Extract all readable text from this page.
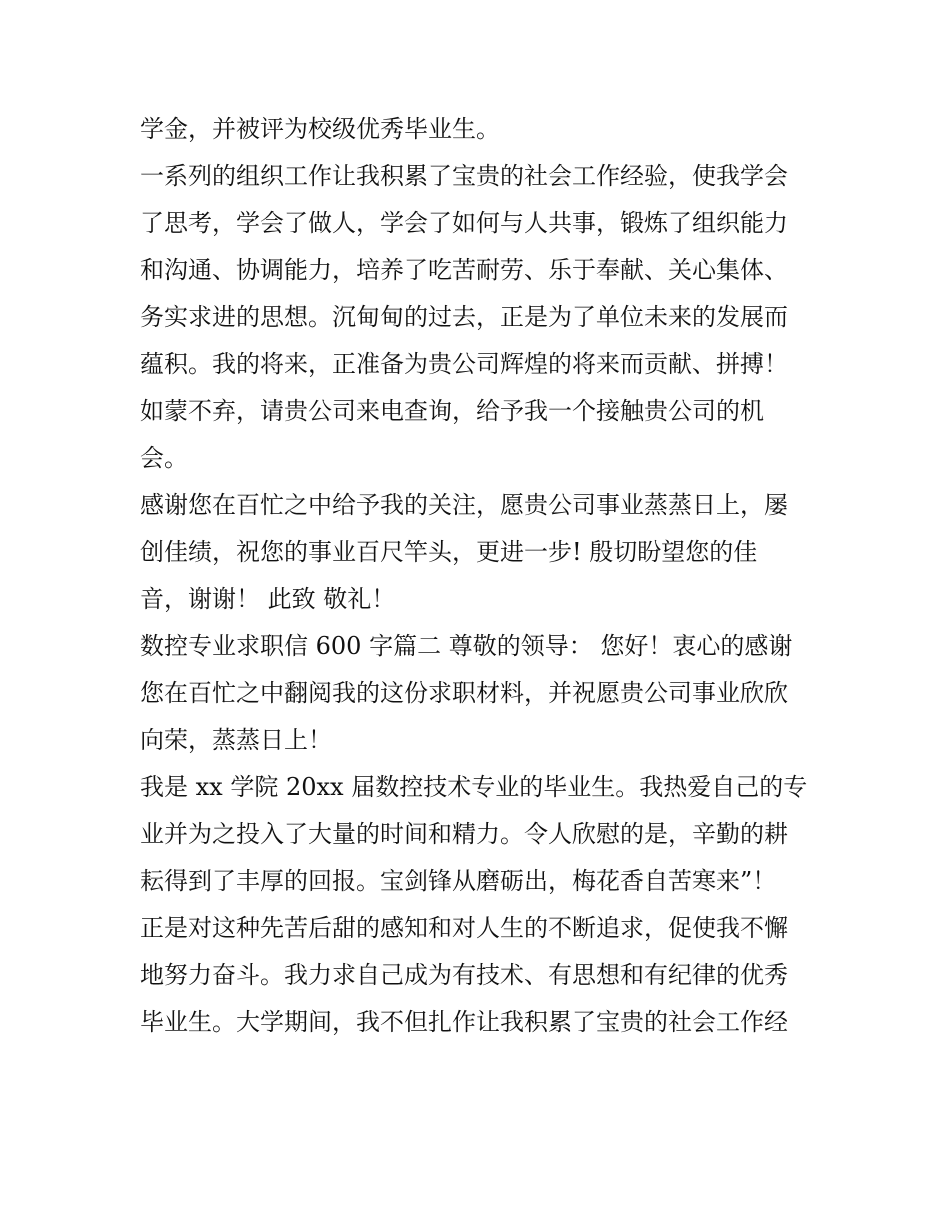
学金，并被评为校级优秀毕业生。
一系列的组织工作让我积累了宝贵的社会工作经验，使我学会
了思考，学会了做人，学会了如何与人共事，锻炼了组织能力
和沟通、协调能力，培养了吃苦耐劳、乐于奉献、关心集体、
务实求进的思想。沉甸甸的过去，正是为了单位未来的发展而
蕴积。我的将来，正准备为贵公司辉煌的将来而贡献、拼搏！
如蒙不弃，请贵公司来电查询，给予我一个接触贵公司的机
会。
感谢您在百忙之中给予我的关注，愿贵公司事业蒸蒸日上，屡
创佳绩，祝您的事业百尺竿头，更进一步! 殷切盼望您的佳
音，谢谢！ 此致 敬礼！
数控专业求职信 600 字篇二 尊敬的领导： 您好！衷心的感谢
您在百忙之中翻阅我的这份求职材料，并祝愿贵公司事业欣欣
向荣，蒸蒸日上！
我是 xx 学院 20xx 届数控技术专业的毕业生。我热爱自己的专
业并为之投入了大量的时间和精力。令人欣慰的是，辛勤的耕
耘得到了丰厚的回报。宝剑锋从磨砺出，梅花香自苦寒来”！
正是对这种先苦后甜的感知和对人生的不断追求，促使我不懈
地努力奋斗。我力求自己成为有技术、有思想和有纪律的优秀
毕业生。大学期间，我不但扎作让我积累了宝贵的社会工作经
